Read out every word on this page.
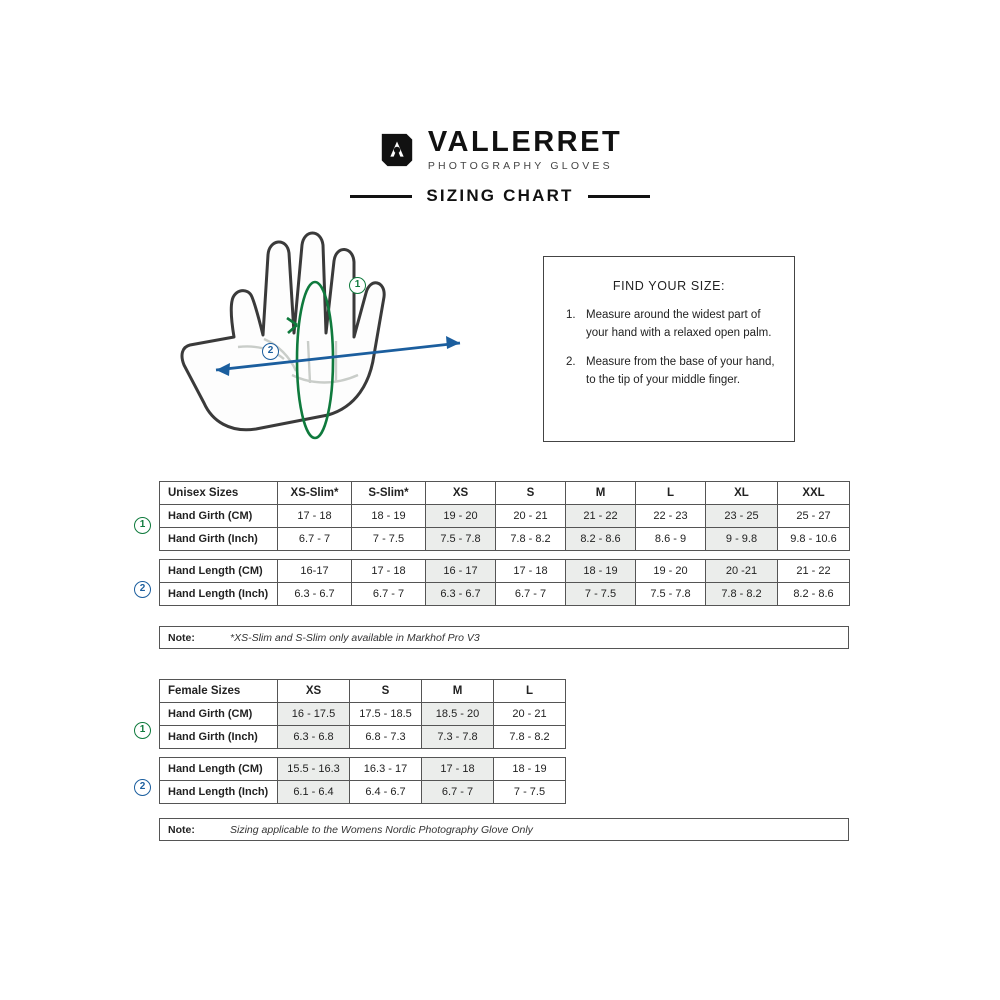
VALLERRET
PHOTOGRAPHY GLOVES
SIZING CHART
1
2
FIND YOUR SIZE:
Measure around the widest part of your hand with a relaxed open palm.
Measure from the base of your hand, to the tip of your middle finger.
Unisex Sizes	XS-Slim*	S-Slim*	XS	S	M	L	XL	XXL
Hand Girth (CM)	17 - 18	18 - 19	19 - 20	20 - 21	21 - 22	22 - 23	23 - 25	25 - 27
Hand Girth (Inch)	6.7 - 7	7 - 7.5	7.5 - 7.8	7.8 - 8.2	8.2 - 8.6	8.6 - 9	9 - 9.8	9.8 - 10.6

Hand Length (CM)	16-17	17 - 18	16 - 17	17 - 18	18 - 19	19 - 20	20 -21	21 - 22
Hand Length (Inch)	6.3 - 6.7	6.7 - 7	6.3 - 6.7	6.7 - 7	7 - 7.5	7.5 - 7.8	7.8 - 8.2	8.2 - 8.6
1
2
Note:	*XS-Slim and S-Slim only available in Markhof Pro V3
Female Sizes	XS	S	M	L
Hand Girth (CM)	16 - 17.5	17.5 - 18.5	18.5 - 20	20 - 21
Hand Girth (Inch)	6.3 - 6.8	6.8 - 7.3	7.3 - 7.8	7.8 - 8.2

Hand Length (CM)	15.5 - 16.3	16.3 - 17	17 - 18	18 - 19
Hand Length (Inch)	6.1 - 6.4	6.4 - 6.7	6.7 - 7	7 - 7.5
1
2
Note:	Sizing applicable to the Womens Nordic Photography Glove Only
